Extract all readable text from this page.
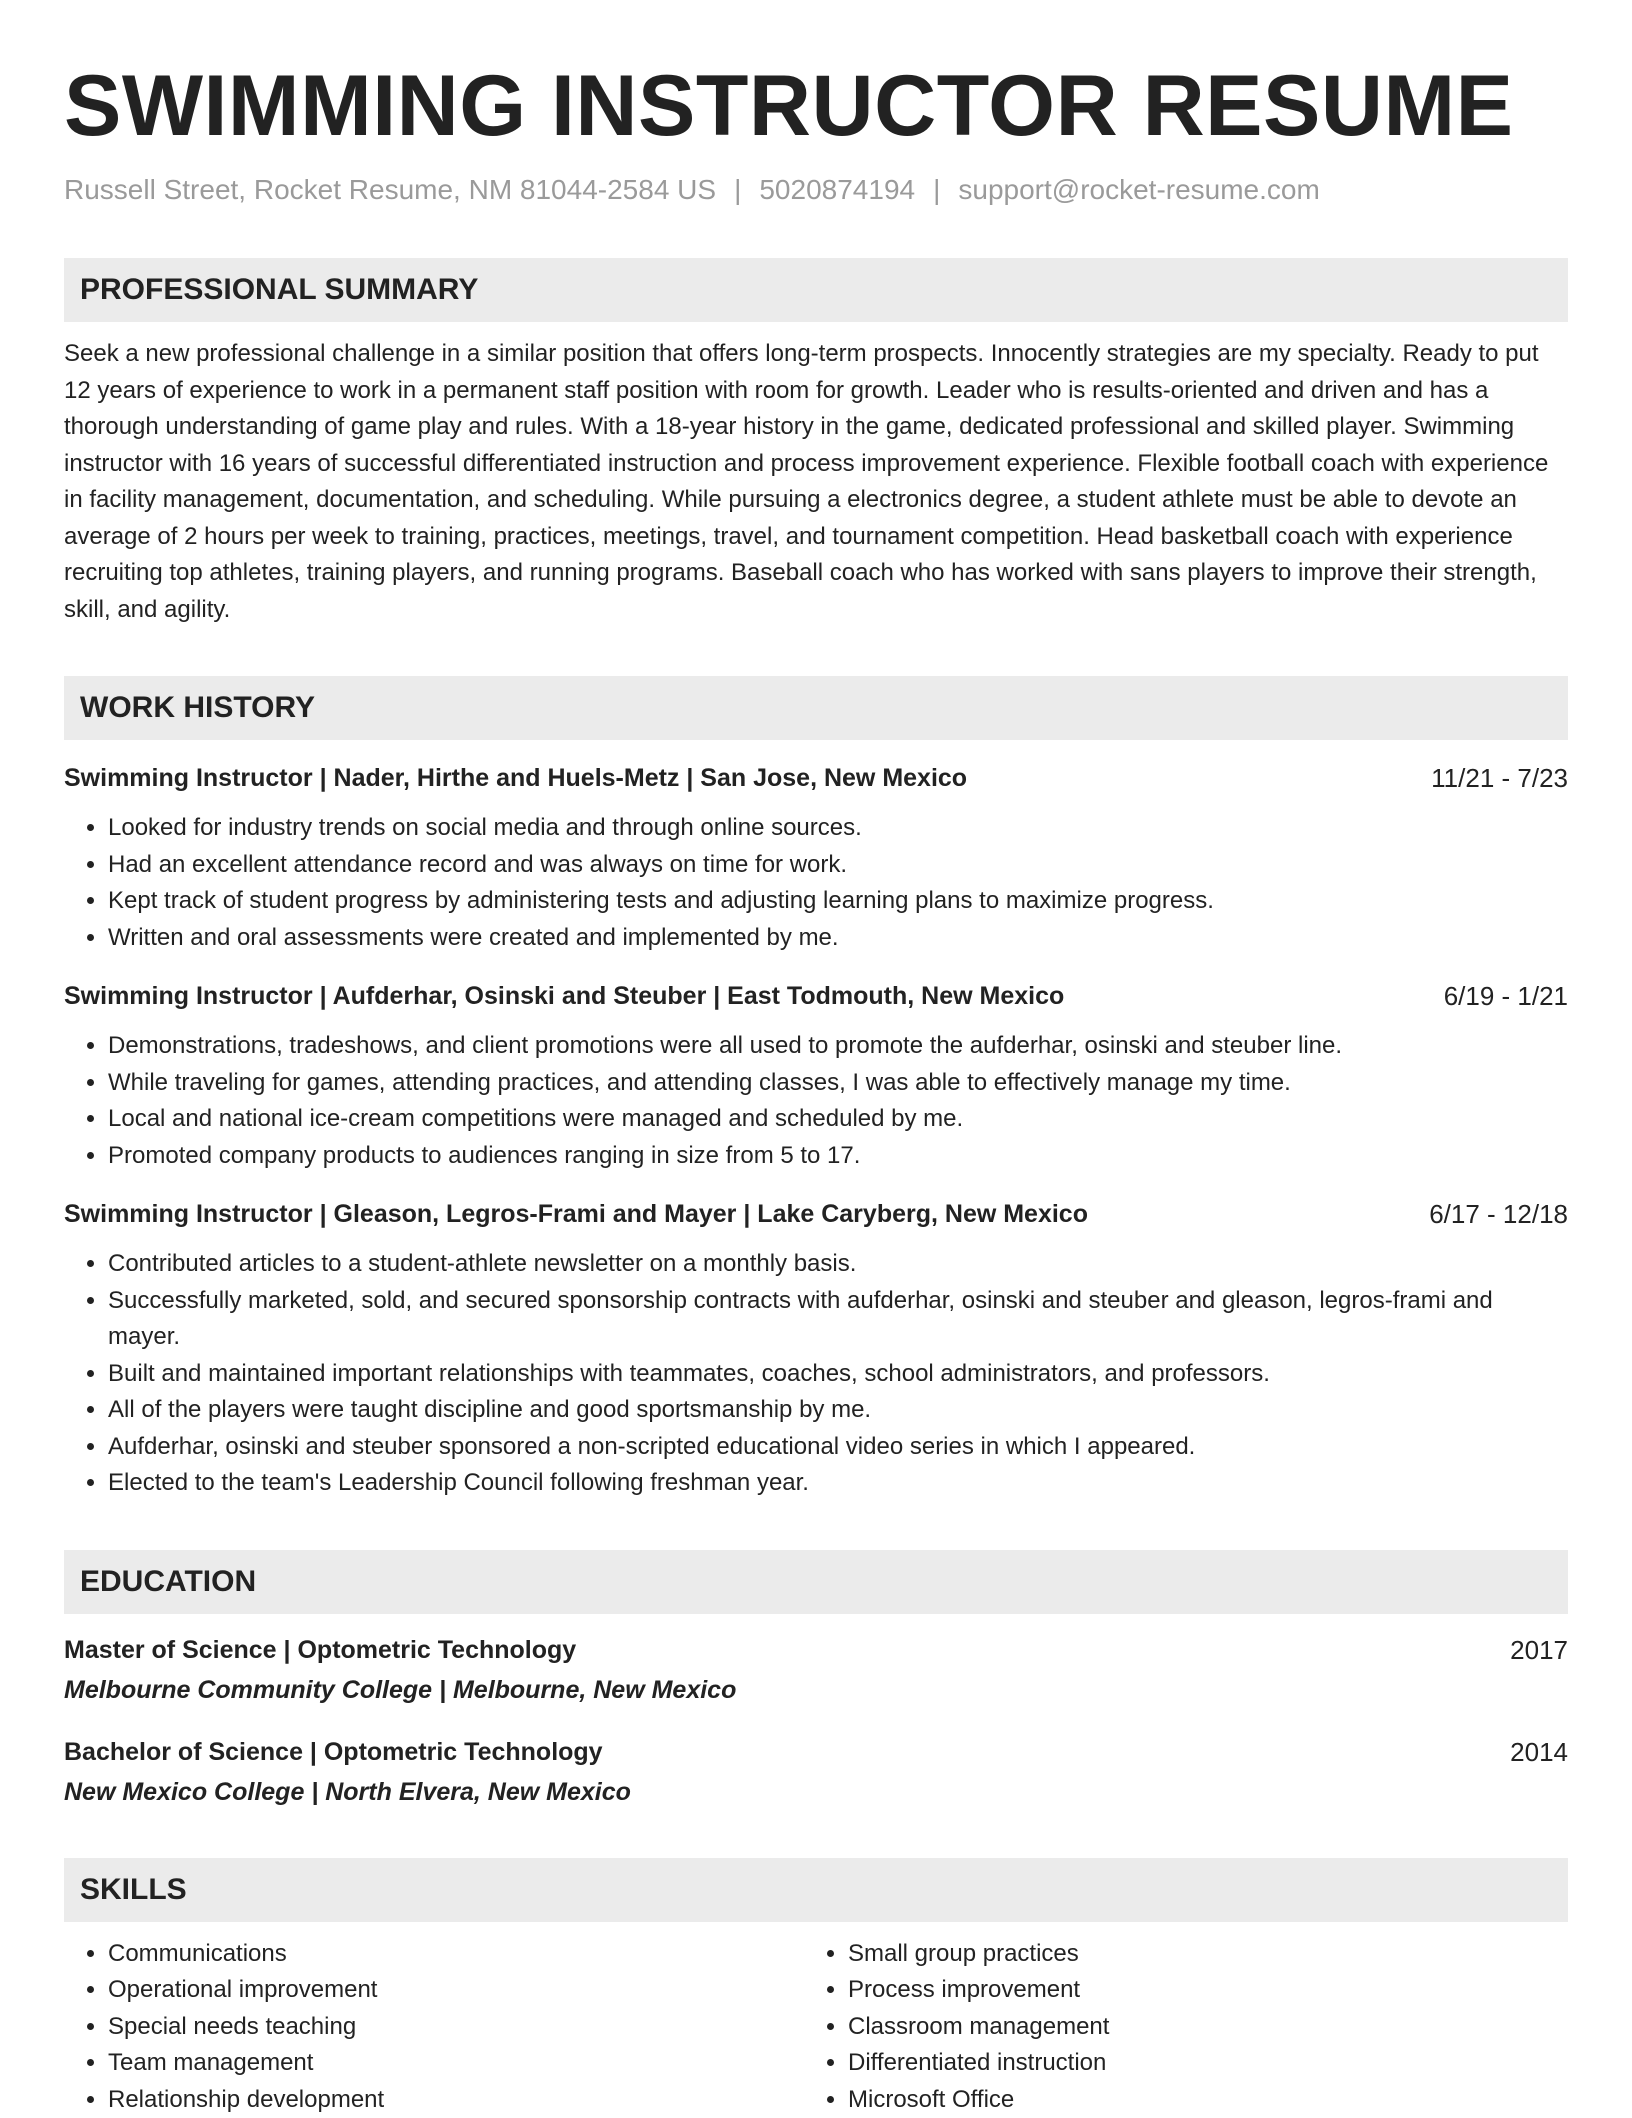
SWIMMING INSTRUCTOR RESUME
Russell Street, Rocket Resume, NM 81044-2584 US | 5020874194 | support@rocket-resume.com
PROFESSIONAL SUMMARY
Seek a new professional challenge in a similar position that offers long-term prospects. Innocently strategies are my specialty. Ready to put 12 years of experience to work in a permanent staff position with room for growth. Leader who is results-oriented and driven and has a thorough understanding of game play and rules. With a 18-year history in the game, dedicated professional and skilled player. Swimming instructor with 16 years of successful differentiated instruction and process improvement experience. Flexible football coach with experience in facility management, documentation, and scheduling. While pursuing a electronics degree, a student athlete must be able to devote an average of 2 hours per week to training, practices, meetings, travel, and tournament competition. Head basketball coach with experience recruiting top athletes, training players, and running programs. Baseball coach who has worked with sans players to improve their strength, skill, and agility.
WORK HISTORY
Swimming Instructor | Nader, Hirthe and Huels-Metz | San Jose, New Mexico	11/21 - 7/23
• Looked for industry trends on social media and through online sources.
• Had an excellent attendance record and was always on time for work.
• Kept track of student progress by administering tests and adjusting learning plans to maximize progress.
• Written and oral assessments were created and implemented by me.
Swimming Instructor | Aufderhar, Osinski and Steuber | East Todmouth, New Mexico	6/19 - 1/21
• Demonstrations, tradeshows, and client promotions were all used to promote the aufderhar, osinski and steuber line.
• While traveling for games, attending practices, and attending classes, I was able to effectively manage my time.
• Local and national ice-cream competitions were managed and scheduled by me.
• Promoted company products to audiences ranging in size from 5 to 17.
Swimming Instructor | Gleason, Legros-Frami and Mayer | Lake Caryberg, New Mexico	6/17 - 12/18
• Contributed articles to a student-athlete newsletter on a monthly basis.
• Successfully marketed, sold, and secured sponsorship contracts with aufderhar, osinski and steuber and gleason, legros-frami and mayer.
• Built and maintained important relationships with teammates, coaches, school administrators, and professors.
• All of the players were taught discipline and good sportsmanship by me.
• Aufderhar, osinski and steuber sponsored a non-scripted educational video series in which I appeared.
• Elected to the team's Leadership Council following freshman year.
EDUCATION
Master of Science | Optometric Technology	2017
Melbourne Community College | Melbourne, New Mexico
Bachelor of Science | Optometric Technology	2014
New Mexico College | North Elvera, New Mexico
SKILLS
• Communications
• Operational improvement
• Special needs teaching
• Team management
• Relationship development
• Small group practices
• Process improvement
• Classroom management
• Differentiated instruction
• Microsoft Office
